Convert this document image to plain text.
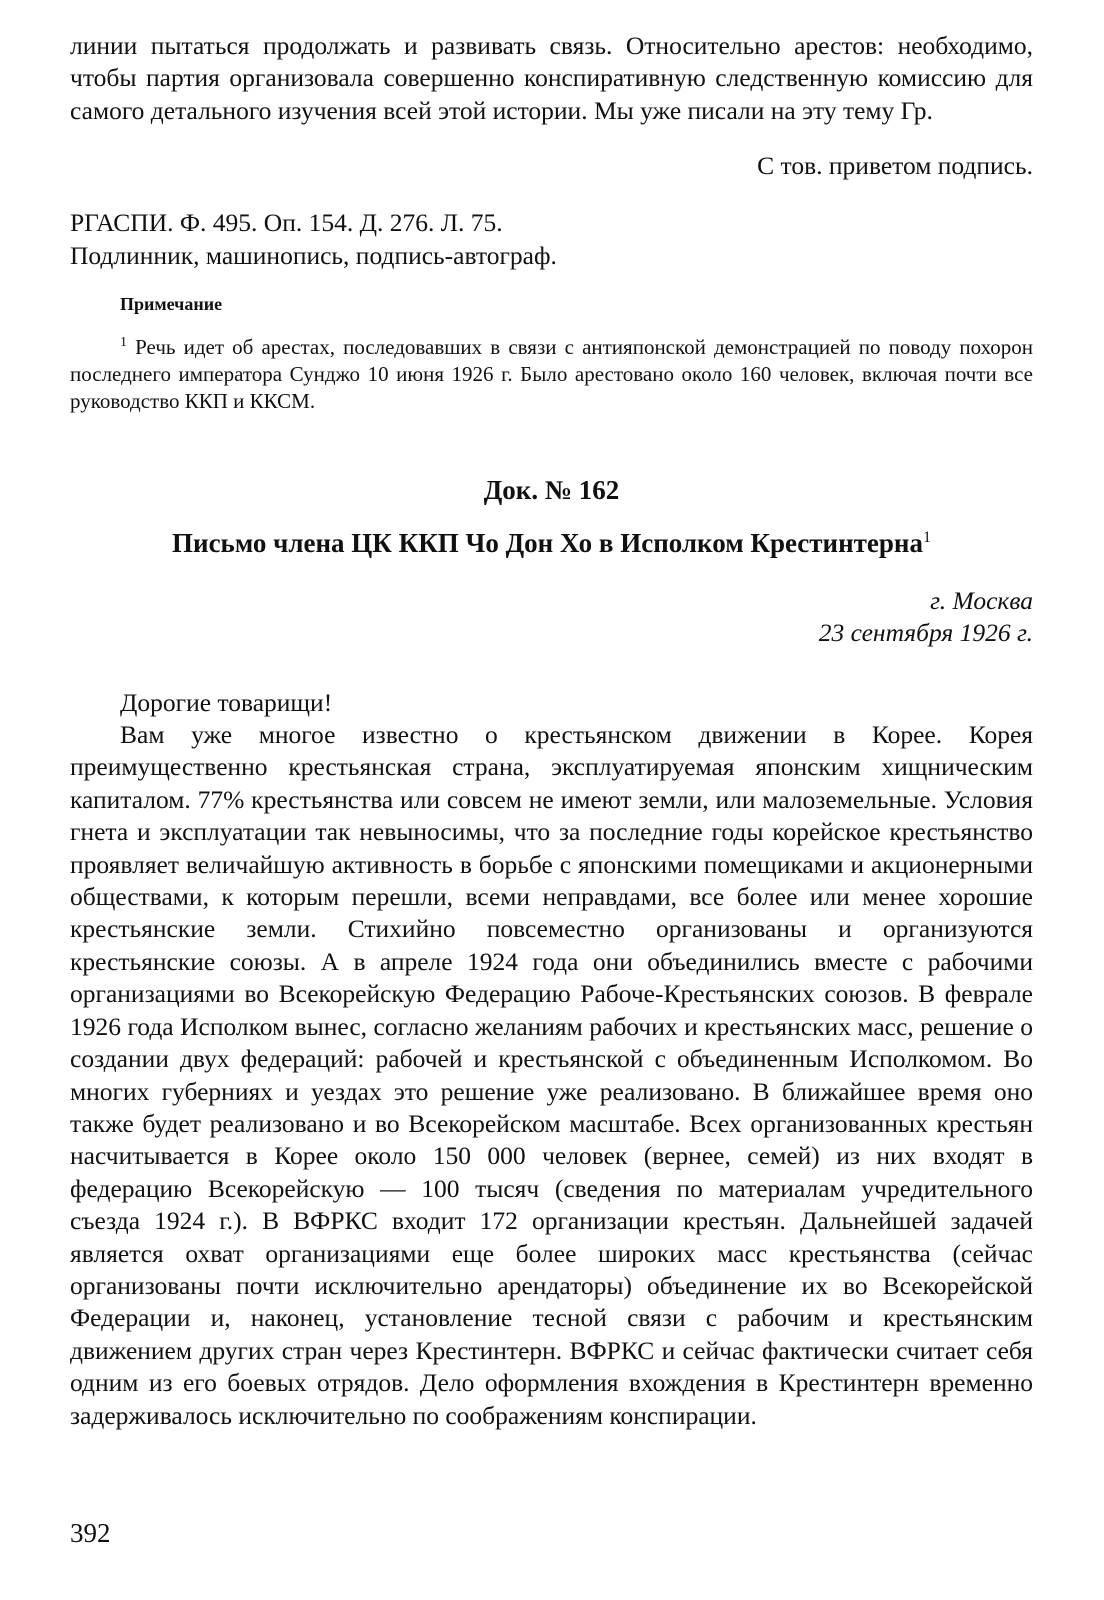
линии пытаться продолжать и развивать связь. Относительно арестов: необходимо, чтобы партия организовала совершенно конспиративную следственную комиссию для самого детального изучения всей этой истории. Мы уже писали на эту тему Гр.

С тов. приветом подпись.

РГАСПИ. Ф. 495. Оп. 154. Д. 276. Л. 75.
Подлинник, машинопись, подпись-автограф.
Примечание

$^1$ Речь идет об арестах, последовавших в связи с антияпонской демонстрацией по поводу похорон последнего императора Сунджо 10 июня 1926 г. Было арестовано около 160 человек, включая почти все руководство ККП и ККСМ.

Док. № 162
Письмо члена ЦК ККП Чо Дон Хо в Исполком Крестинтерна$^1$
г. Москва
23 сентября 1926 г.
Дорогие товарищи!

Вам уже многое известно о крестьянском движении в Корее. Корея преимущественно крестьянская страна, эксплуатируемая японским хищническим капиталом. 77% крестьянства или совсем не имеют земли, или малоземельные. Условия гнета и эксплуатации так невыносимы, что за последние годы корейское крестьянство проявляет величайшую активность в борьбе с японскими помещиками и акционерными обществами, к которым перешли, всеми неправдами, все более или менее хорошие крестьянские земли. Стихийно повсеместно организованы и организуются крестьянские союзы. А в апреле 1924 года они объединились вместе с рабочими организациями во Всекорейскую Федерацию Рабоче-Крестьянских союзов. В феврале 1926 года Исполком вынес, согласно желаниям рабочих и крестьянских масс, решение о создании двух федераций: рабочей и крестьянской с объединенным Исполкомом. Во многих губерниях и уездах это решение уже реализовано. В ближайшее время оно также будет реализовано и во Всекорейском масштабе. Всех организованных крестьян насчитывается в Корее около 150 000 человек (вернее, семей) из них входят в федерацию Всекорейскую — 100 тысяч (сведения по материалам учредительного съезда 1924 г.). В ВФРКС входит 172 организации крестьян. Дальнейшей задачей является охват организациями еще более широких масс крестьянства (сейчас организованы почти исключительно арендаторы) объединение их во Всекорейской Федерации и, наконец, установление тесной связи с рабочим и крестьянским движением других стран через Крестинтерн. ВФРКС и сейчас фактически считает себя одним из его боевых отрядов. Дело оформления вхождения в Крестинтерн временно задерживалось исключительно по соображениям конспирации.

392
